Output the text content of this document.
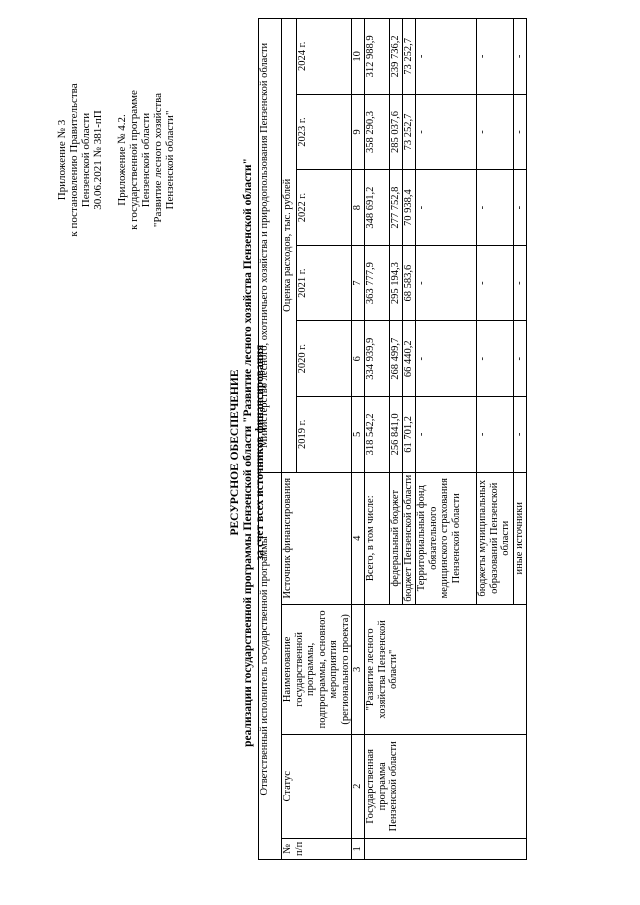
Приложение № 3 к постановлению Правительства Пензенской области 30.06.2021 № 381-пП
Приложение № 4.2. к государственной программе Пензенской области "Развитие лесного хозяйства Пензенской области"
РЕСУРСНОЕ ОБЕСПЕЧЕНИЕ реализации государственной программы Пензенской области "Развитие лесного хозяйства Пензенской области" за счет всех источников финансирования
Ответственный исполнитель государственной программы				Министерство лесного, охотничьего хозяйства и природопользования Пензенской области					
№ п/п	Статус	Наименование государственной программы, подпрограммы, основного мероприятия (регионального проекта)	Источник финансирования	Оценка расходов, тыс. рублей					
				2019 г.	2020 г.	2021 г.	2022 г.	2023 г.	2024 г.
1	2	3	4	5	6	7	8	9	10
	Государственная программа Пензенской области	"Развитие лесного хозяйства Пензенской области"	Всего, в том числе:	318 542,2	334 939,9	363 777,9	348 691,2	358 290,3	312 988,9
			федеральный бюджет	256 841,0	268 499,7	295 194,3	277 752,8	285 037,6	239 736,2
			бюджет Пензенской области	61 701,2	66 440,2	68 583,6	70 938,4	73 252,7	73 252,7
			Территориальный фонд обязательного медицинского страхования Пензенской области	-	-	-	-	-	-
			бюджеты муниципальных образований Пензенской области	-	-	-	-	-	-
			иные источники	-	-	-	-	-	-
